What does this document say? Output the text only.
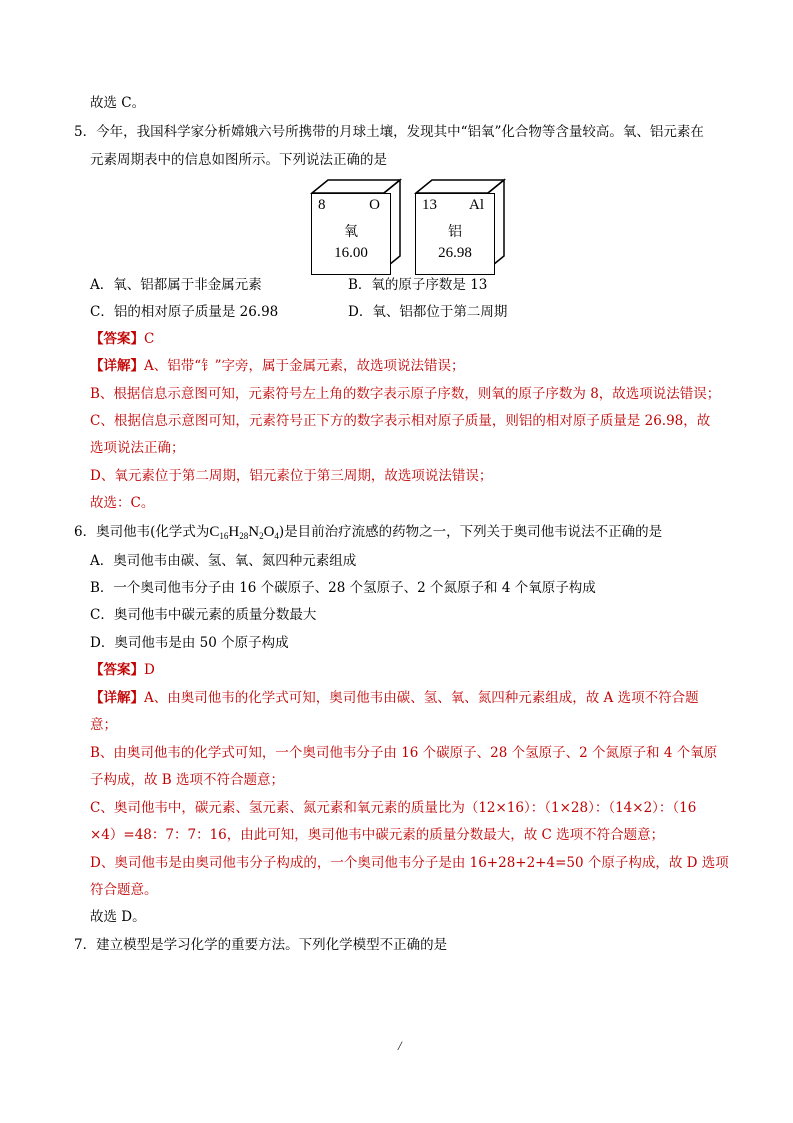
故选 C。
5．今年，我国科学家分析嫦娥六号所携带的月球土壤，发现其中“铝氧”化合物等含量较高。氧、铝元素在
元素周期表中的信息如图所示。下列说法正确的是
8	O
氧
16.00
13 Al
铝
26.98
A．氧、铝都属于非金属元素	B．氧的原子序数是 13
C．铝的相对原子质量是 26.98	D．氧、铝都位于第二周期
【答案】C
【详解】A、铝带“钅”字旁，属于金属元素，故选项说法错误；
B、根据信息示意图可知，元素符号左上角的数字表示原子序数，则氧的原子序数为 8，故选项说法错误；
C、根据信息示意图可知，元素符号正下方的数字表示相对原子质量，则铝的相对原子质量是 26.98，故
选项说法正确；
D、氧元素位于第二周期，铝元素位于第三周期，故选项说法错误；
故选：C。
6．奥司他韦(化学式为$C_{16}H_{28}N_2O_4$)是目前治疗流感的药物之一，下列关于奥司他韦说法不正确的是
A．奥司他韦由碳、氢、氧、氮四种元素组成
B．一个奥司他韦分子由 16 个碳原子、28 个氢原子、2 个氮原子和 4 个氧原子构成
C．奥司他韦中碳元素的质量分数最大
D．奥司他韦是由 50 个原子构成
【答案】D
【详解】A、由奥司他韦的化学式可知，奥司他韦由碳、氢、氧、氮四种元素组成，故 A 选项不符合题
意；
B、由奥司他韦的化学式可知，一个奥司他韦分子由 16 个碳原子、28 个氢原子、2 个氮原子和 4 个氧原
子构成，故 B 选项不符合题意；
C、奥司他韦中，碳元素、氢元素、氮元素和氧元素的质量比为（12×16）：（1×28）：（14×2）：（16
×4）=48：7：7：16，由此可知，奥司他韦中碳元素的质量分数最大，故 C 选项不符合题意；
D、奥司他韦是由奥司他韦分子构成的，一个奥司他韦分子是由 16+28+2+4=50 个原子构成，故 D 选项
符合题意。
故选 D。
7．建立模型是学习化学的重要方法。下列化学模型不正确的是
/
